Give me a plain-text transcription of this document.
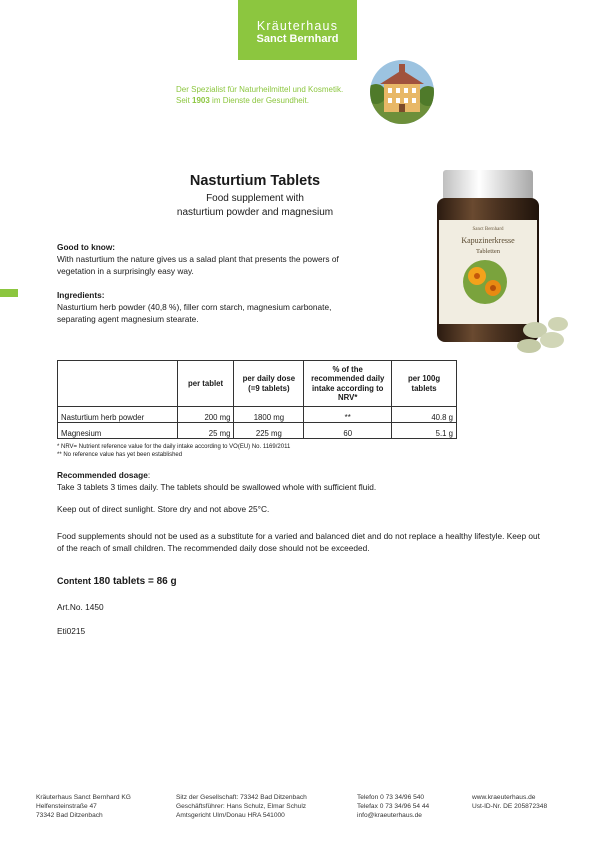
Kräuterhaus
Sanct Bernhard
Der Spezialist für Naturheilmittel und Kosmetik.
Seit 1903 im Dienste der Gesundheit.
Sanct Bernhard
Kapuzinerkresse
Tabletten
Nasturtium Tablets
Food supplement with
nasturtium powder and magnesium
Good to know:
With nasturtium the nature gives us a salad plant that presents the powers of
vegetation in a surprisingly easy way.
Ingredients:
Nasturtium herb powder (40,8 %), filler corn starch, magnesium carbonate,
separating agent magnesium stearate.
	per tablet	per daily dose (=9 tablets)	% of the recommended daily intake according to NRV*	per 100g tablets
Nasturtium herb powder	200 mg	1800 mg	**	40.8 g
Magnesium	25 mg	225 mg	60	5.1 g
* NRV= Nutrient reference value for the daily intake according to VO(EU) No. 1169/2011
** No reference value has yet been established
Recommended dosage:
Take 3 tablets 3 times daily. The tablets should be swallowed whole with sufficient fluid.
Keep out of direct sunlight. Store dry and not above 25°C.
Food supplements should not be used as a substitute for a varied and balanced diet and do not replace a healthy lifestyle. Keep out
of the reach of small children. The recommended daily dose should not be exceeded.
Content 180 tablets = 86 g
Art.No. 1450
Eti0215
Kräuterhaus Sanct Bernhard KG
Helfensteinstraße 47
73342 Bad Ditzenbach
Sitz der Gesellschaft: 73342 Bad Ditzenbach
Geschäftsführer: Hans Schulz, Elmar Schulz
Amtsgericht Ulm/Donau HRA 541000
Telefon 0 73 34/96 540
Telefax 0 73 34/96 54 44
info@kraeuterhaus.de
www.kraeuterhaus.de
Ust-ID-Nr. DE 205872348
